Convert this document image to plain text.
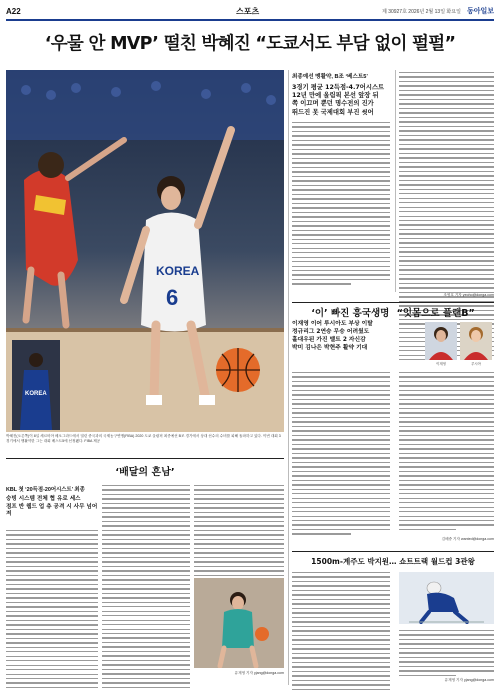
A22	스포츠	제 30927호 2026년 2월 13일 화요일 동아일보
‘우물 안 MVP’ 떨친 박혜진 “도쿄서도 부담 없이 펄펄”
KOREA
6
KOREA
박혜진(오른쪽)이 8일 세르비아 베오그라드에서 열린 중국과의 국제농구연맹(FIBA) 2020 도쿄 올림픽 최종예선 B조 경기에서 상대 선수의 수비를 피해 돌파하고 있다. 이번 대회 3경기에서 맹활약한 그는 대회 베스트5에 선정됐다. FIBA 제공
최종예선 맹활약, B조 ‘베스트5’
3경기 평균 12득점-4.7어시스트
12년 만에 올림픽 본선 앞장 뒤
쪽 이끄며 뿐던 명수전의 진가
뛰드진 못 국제대회 부진 씻어
조영호 기자 yeoho@donga.com
‘이’ 빠진 흥국생명 “잇몸으로 플랜B”
이재영 이어 루시아도 부상 이탈
정규리그 2연승 무승 어려웠도
홀대우된 가진 밸트 2 자신감
박미 김나은 박현주 활약 기대
이재영	루시아
김배중 기자 wanted@donga.com
‘배달의 흔남’
KBL 첫 ‘20득점-20어시스트’ 최종
숭빙 시스템 전체 협 유로 세스
점프 반 웹드 업 츄 공격 시 사무 넘어져
유재영 기자 yjang@donga.com
1500m-계주도 박지원… 쇼트트랙 월드컵 3관왕
유재영 기자 yjang@donga.com
